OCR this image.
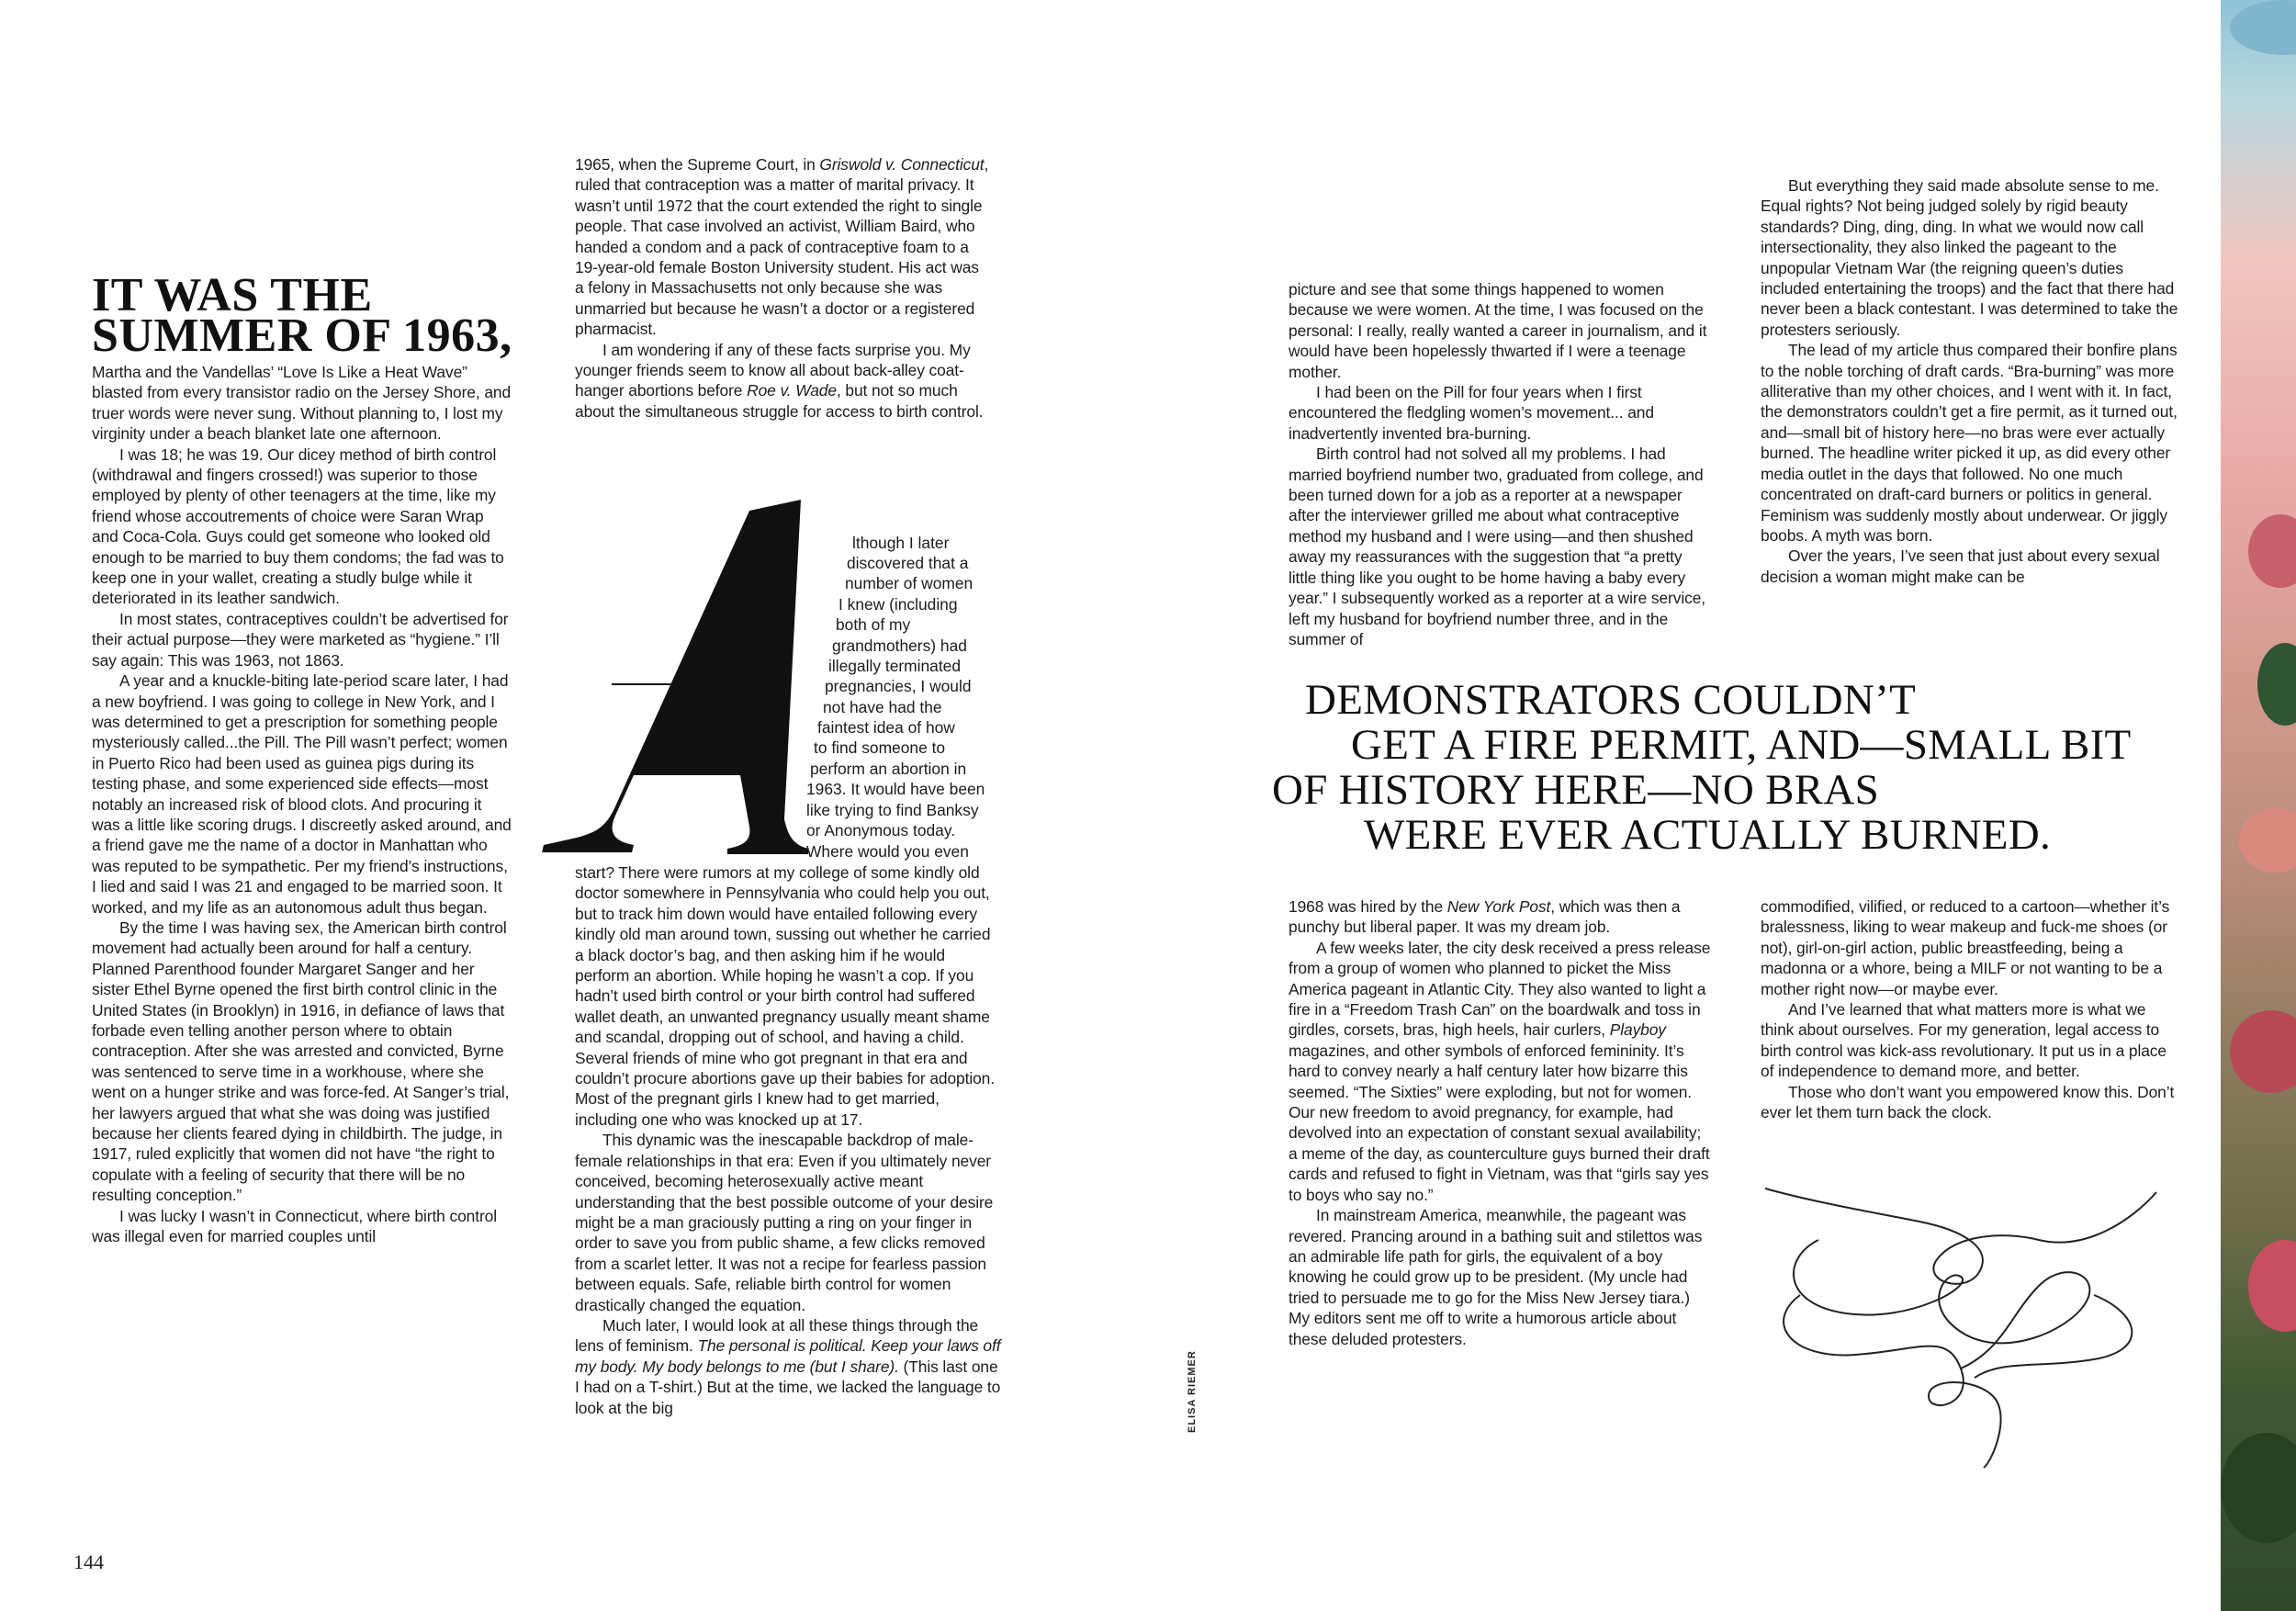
IT WAS THE
SUMMER OF 1963,

Martha and the Vandellas’ “Love Is Like a Heat Wave” blasted from every transistor radio on the Jersey Shore, and truer words were never sung. Without planning to, I lost my virginity under a beach blanket late one afternoon.

I was 18; he was 19. Our dicey method of birth control (withdrawal and fingers crossed!) was superior to those employed by plenty of other teenagers at the time, like my friend whose accoutrements of choice were Saran Wrap and Coca-Cola. Guys could get someone who looked old enough to be married to buy them condoms; the fad was to keep one in your wallet, creating a studly bulge while it deteriorated in its leather sandwich.

In most states, contraceptives couldn’t be advertised for their actual purpose—they were marketed as “hygiene.” I’ll say again: This was 1963, not 1863.

A year and a knuckle-biting late-period scare later, I had a new boyfriend. I was going to college in New York, and I was determined to get a prescription for something people mysteriously called...the Pill. The Pill wasn’t perfect; women in Puerto Rico had been used as guinea pigs during its testing phase, and some experienced side effects—most notably an increased risk of blood clots. And procuring it was a little like scoring drugs. I discreetly asked around, and a friend gave me the name of a doctor in Manhattan who was reputed to be sympathetic. Per my friend’s instructions, I lied and said I was 21 and engaged to be married soon. It worked, and my life as an autonomous adult thus began.

By the time I was having sex, the American birth control movement had actually been around for half a century. Planned Parenthood founder Margaret Sanger and her sister Ethel Byrne opened the first birth control clinic in the United States (in Brooklyn) in 1916, in defiance of laws that forbade even telling another person where to obtain contraception. After she was arrested and convicted, Byrne was sentenced to serve time in a workhouse, where she went on a hunger strike and was force-fed. At Sanger’s trial, her lawyers argued that what she was doing was justified because her clients feared dying in childbirth. The judge, in 1917, ruled explicitly that women did not have “the right to copulate with a feeling of security that there will be no resulting conception.”

I was lucky I wasn’t in Connecticut, where birth control was illegal even for married couples until

1965, when the Supreme Court, in Griswold v. Connecticut, ruled that contraception was a matter of marital privacy. It wasn’t until 1972 that the court extended the right to single people. That case involved an activist, William Baird, who handed a condom and a pack of contraceptive foam to a 19-year-old female Boston University student. His act was a felony in Massachusetts not only because she was unmarried but because he wasn’t a doctor or a registered pharmacist.

I am wondering if any of these facts surprise you. My younger friends seem to know all about back-alley coat-hanger abortions before Roe v. Wade, but not so much about the simultaneous struggle for access to birth control.

A
lthough I later
discovered that a
number of women
I knew (including
both of my
grandmothers) had
illegally terminated
pregnancies, I would
not have had the
faintest idea of how
to find someone to
perform an abortion in
1963. It would have been
like trying to find Banksy
or Anonymous today.
Where would you even

start? There were rumors at my college of some kindly old doctor somewhere in Pennsylvania who could help you out, but to track him down would have entailed following every kindly old man around town, sussing out whether he carried a black doctor’s bag, and then asking him if he would perform an abortion. While hoping he wasn’t a cop. If you hadn’t used birth control or your birth control had suffered wallet death, an unwanted pregnancy usually meant shame and scandal, dropping out of school, and having a child. Several friends of mine who got pregnant in that era and couldn’t procure abortions gave up their babies for adoption. Most of the pregnant girls I knew had to get married, including one who was knocked up at 17.

This dynamic was the inescapable backdrop of male-female relationships in that era: Even if you ultimately never conceived, becoming heterosexually active meant understanding that the best possible outcome of your desire might be a man graciously putting a ring on your finger in order to save you from public shame, a few clicks removed from a scarlet letter. It was not a recipe for fearless passion between equals. Safe, reliable birth control for women drastically changed the equation.

Much later, I would look at all these things through the lens of feminism. The personal is political. Keep your laws off my body. My body belongs to me (but I share). (This last one I had on a T-shirt.) But at the time, we lacked the language to look at the big	ELISA RIEMER

picture and see that some things happened to women because we were women. At the time, I was focused on the personal: I really, really wanted a career in journalism, and it would have been hopelessly thwarted if I were a teenage mother.

I had been on the Pill for four years when I first encountered the fledgling women’s movement... and inadvertently invented bra-burning.

Birth control had not solved all my problems. I had married boyfriend number two, graduated from college, and been turned down for a job as a reporter at a newspaper after the interviewer grilled me about what contraceptive method my husband and I were using—and then shushed away my reassurances with the suggestion that “a pretty little thing like you ought to be home having a baby every year.” I subsequently worked as a reporter at a wire service, left my husband for boyfriend number three, and in the summer of

But everything they said made absolute sense to me. Equal rights? Not being judged solely by rigid beauty standards? Ding, ding, ding. In what we would now call intersectionality, they also linked the pageant to the unpopular Vietnam War (the reigning queen’s duties included entertaining the troops) and the fact that there had never been a black contestant. I was determined to take the protesters seriously.

The lead of my article thus compared their bonfire plans to the noble torching of draft cards. “Bra-burning” was more alliterative than my other choices, and I went with it. In fact, the demonstrators couldn’t get a fire permit, as it turned out, and—small bit of history here—no bras were ever actually burned. The headline writer picked it up, as did every other media outlet in the days that followed. No one much concentrated on draft-card burners or politics in general. Feminism was suddenly mostly about underwear. Or jiggly boobs. A myth was born.

Over the years, I’ve seen that just about every sexual decision a woman might make can be

DEMONSTRATORS COULDN’T
GET A FIRE PERMIT, AND—SMALL BIT
OF HISTORY HERE—NO BRAS
WERE EVER ACTUALLY BURNED.

1968 was hired by the New York Post, which was then a punchy but liberal paper. It was my dream job.

A few weeks later, the city desk received a press release from a group of women who planned to picket the Miss America pageant in Atlantic City. They also wanted to light a fire in a “Freedom Trash Can” on the boardwalk and toss in girdles, corsets, bras, high heels, hair curlers, Playboy magazines, and other symbols of enforced femininity. It’s hard to convey nearly a half century later how bizarre this seemed. “The Sixties” were exploding, but not for women. Our new freedom to avoid pregnancy, for example, had devolved into an expectation of constant sexual availability; a meme of the day, as counterculture guys burned their draft cards and refused to fight in Vietnam, was that “girls say yes to boys who say no.”

In mainstream America, meanwhile, the pageant was revered. Prancing around in a bathing suit and stilettos was an admirable life path for girls, the equivalent of a boy knowing he could grow up to be president. (My uncle had tried to persuade me to go for the Miss New Jersey tiara.) My editors sent me off to write a humorous article about these deluded protesters.

commodified, vilified, or reduced to a cartoon—whether it’s bralessness, liking to wear makeup and fuck-me shoes (or not), girl-on-girl action, public breastfeeding, being a madonna or a whore, being a MILF or not wanting to be a mother right now—or maybe ever.

And I’ve learned that what matters more is what we think about ourselves. For my generation, legal access to birth control was kick-ass revolutionary. It put us in a place of independence to demand more, and better.

Those who don’t want you empowered know this. Don’t ever let them turn back the clock.

144
